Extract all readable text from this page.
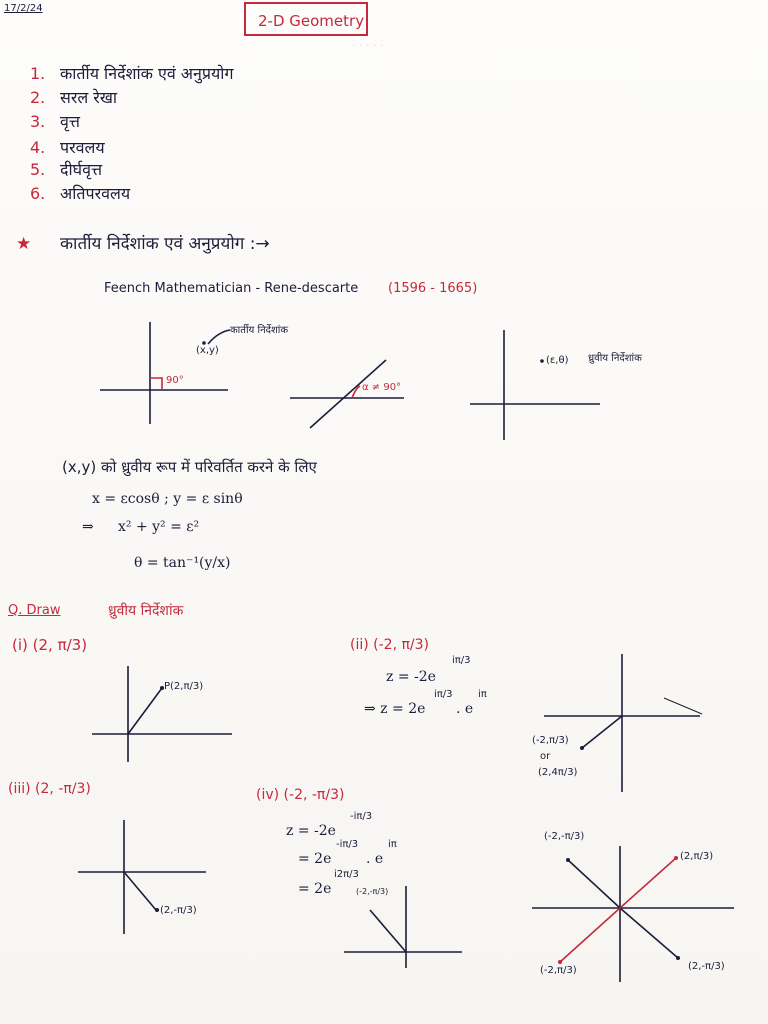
· · · · ·
17/2/24
2-D Geometry
1. कार्तीय निर्देशांक एवं अनुप्रयोग
2. सरल रेखा
3. वृत्त
4. परवलय
5. दीर्घवृत्त
6. अतिपरवलय
★ कार्तीय निर्देशांक एवं अनुप्रयोग :→
Feench Mathematician - Rene-descarte (1596 - 1665)
(x,y)
कार्तीय निर्देशांक
90°
α ≠ 90°
(ε,θ) ध्रुवीय निर्देशांक
(x,y) को ध्रुवीय रूप में परिवर्तित करने के लिए
x = εcosθ ; y = ε sinθ
⇒ x² + y² = ε²
θ = tan⁻¹(y/x)
Q. Draw	ध्रुवीय निर्देशांक
(i) (2, π/3)
P(2,π/3)
(ii) (-2, π/3)
z = -2e
iπ/3
⇒ z = 2e
iπ/3
. e
iπ
(-2,π/3)
or
(2,4π/3)
(iii) (2, -π/3)
(2,-π/3)
(iv) (-2, -π/3)
z = -2e
-iπ/3
= 2e
-iπ/3
. e
iπ
= 2e
i2π/3
(-2,-π/3)
(-2,-π/3)
(2,π/3)
(-2,π/3)	(2,-π/3)
